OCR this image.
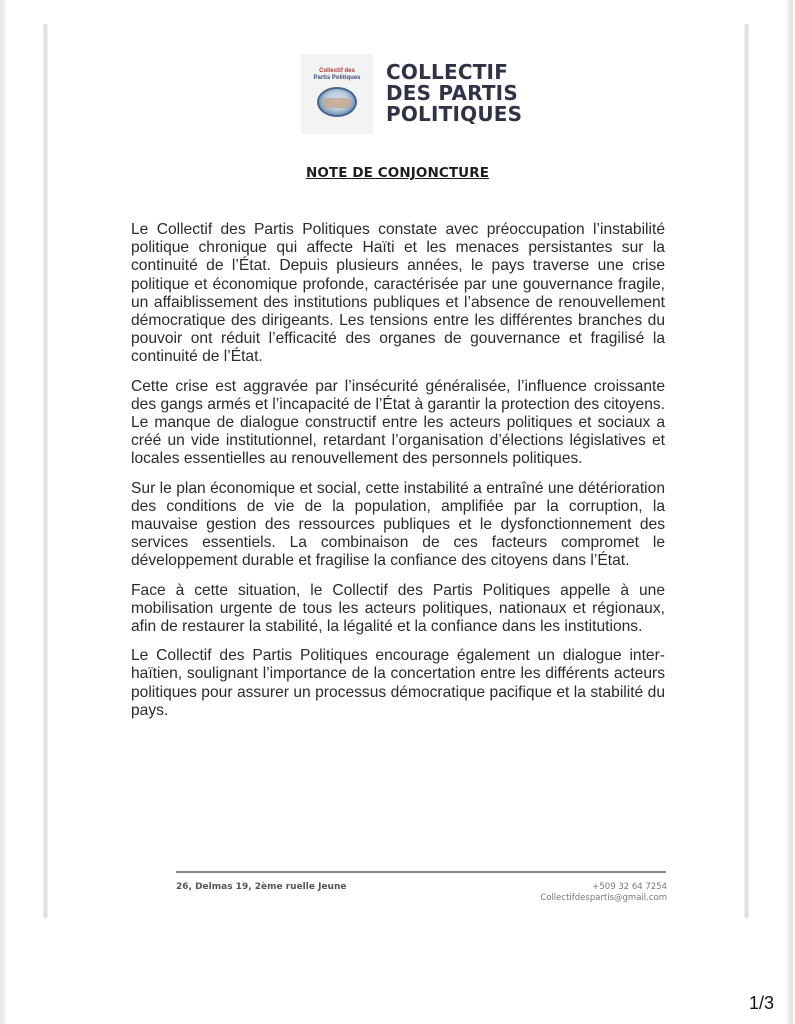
Collectif des
Partis Politiques	COLLECTIF
DES PARTIS
POLITIQUES
NOTE DE CONJONCTURE

Le Collectif des Partis Politiques constate avec préoccupation l’instabilité politique chronique qui affecte Haïti et les menaces persistantes sur la continuité de l’État. Depuis plusieurs années, le pays traverse une crise politique et économique profonde, caractérisée par une gouvernance fragile, un affaiblissement des institutions publiques et l’absence de renouvellement démocratique des dirigeants. Les tensions entre les différentes branches du pouvoir ont réduit l’efficacité des organes de gouvernance et fragilisé la continuité de l’État.

Cette crise est aggravée par l’insécurité généralisée, l’influence croissante des gangs armés et l’incapacité de l’État à garantir la protection des citoyens. Le manque de dialogue constructif entre les acteurs politiques et sociaux a créé un vide institutionnel, retardant l’organisation d’élections législatives et locales essentielles au renouvellement des personnels politiques.

Sur le plan économique et social, cette instabilité a entraîné une détérioration des conditions de vie de la population, amplifiée par la corruption, la mauvaise gestion des ressources publiques et le dysfonctionnement des services essentiels. La combinaison de ces facteurs compromet le développement durable et fragilise la confiance des citoyens dans l’État.

Face à cette situation, le Collectif des Partis Politiques appelle à une mobilisation urgente de tous les acteurs politiques, nationaux et régionaux, afin de restaurer la stabilité, la légalité et la confiance dans les institutions.

Le Collectif des Partis Politiques encourage également un dialogue inter-haïtien, soulignant l’importance de la concertation entre les différents acteurs politiques pour assurer un processus démocratique pacifique et la stabilité du pays.

26, Delmas 19, 2ème ruelle Jeune	+509 32 64 7254
Collectifdespartis@gmail.com
1/3
